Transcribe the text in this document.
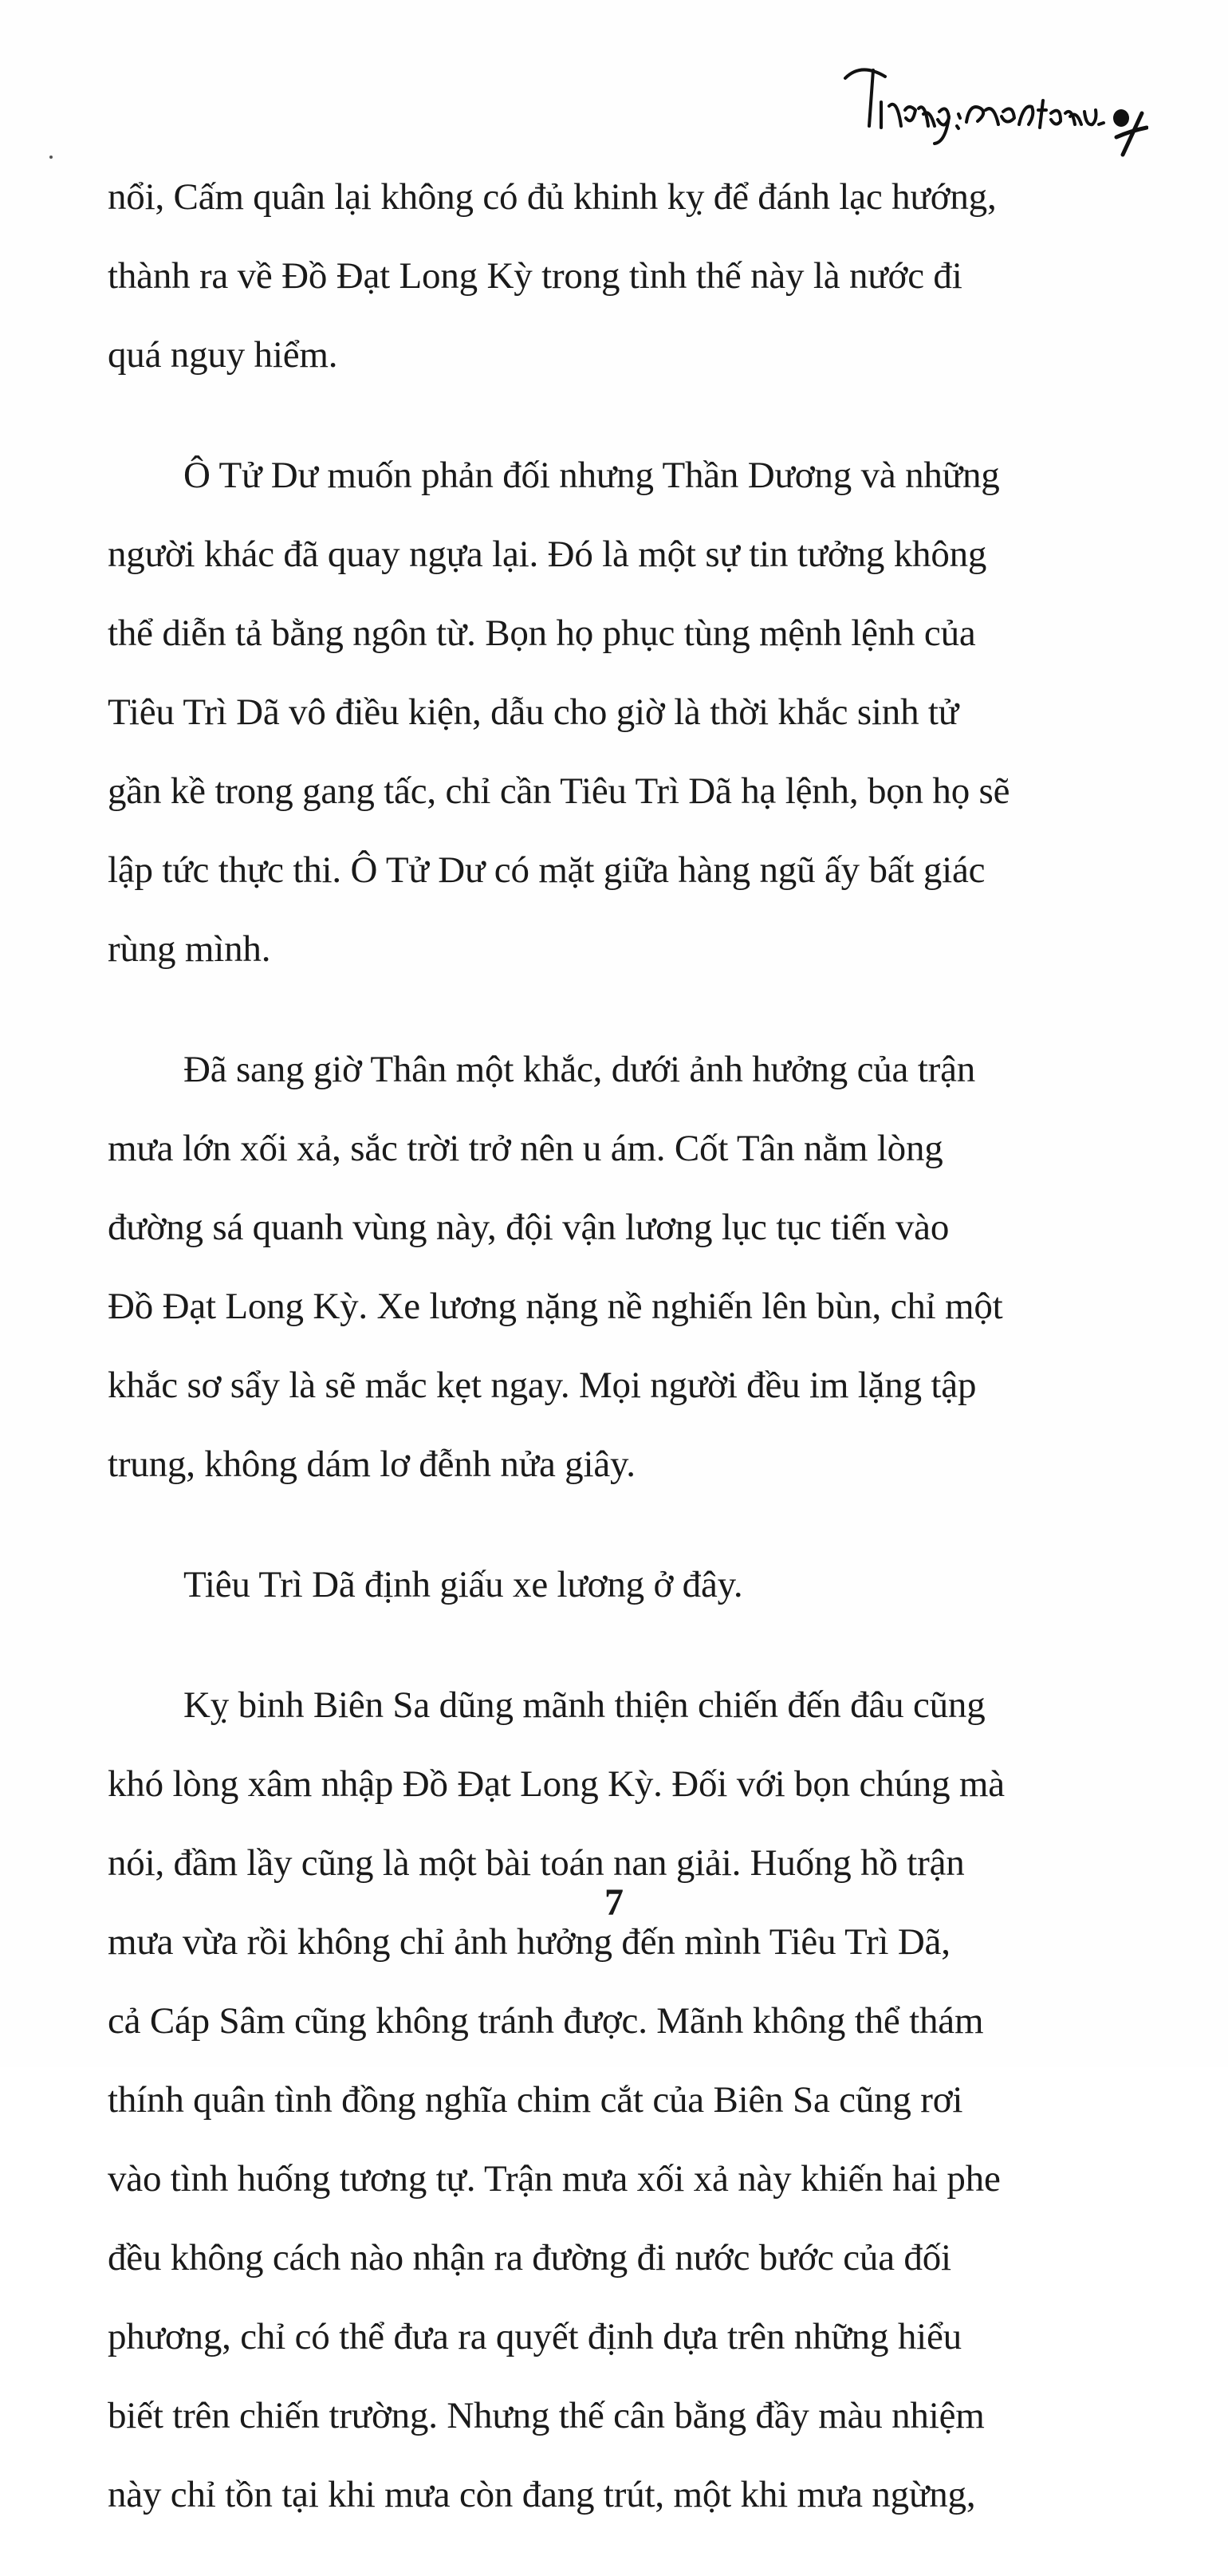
nổi, Cấm quân lại không có đủ khinh kỵ để đánh lạc hướng,
thành ra về Đồ Đạt Long Kỳ trong tình thế này là nước đi
quá nguy hiểm.

Ô Tử Dư muốn phản đối nhưng Thần Dương và những
người khác đã quay ngựa lại. Đó là một sự tin tưởng không
thể diễn tả bằng ngôn từ. Bọn họ phục tùng mệnh lệnh của
Tiêu Trì Dã vô điều kiện, dẫu cho giờ là thời khắc sinh tử
gần kề trong gang tấc, chỉ cần Tiêu Trì Dã hạ lệnh, bọn họ sẽ
lập tức thực thi. Ô Tử Dư có mặt giữa hàng ngũ ấy bất giác
rùng mình.

Đã sang giờ Thân một khắc, dưới ảnh hưởng của trận
mưa lớn xối xả, sắc trời trở nên u ám. Cốt Tân nằm lòng
đường sá quanh vùng này, đội vận lương lục tục tiến vào
Đồ Đạt Long Kỳ. Xe lương nặng nề nghiến lên bùn, chỉ một
khắc sơ sẩy là sẽ mắc kẹt ngay. Mọi người đều im lặng tập
trung, không dám lơ đễnh nửa giây.

Tiêu Trì Dã định giấu xe lương ở đây.

Kỵ binh Biên Sa dũng mãnh thiện chiến đến đâu cũng
khó lòng xâm nhập Đồ Đạt Long Kỳ. Đối với bọn chúng mà
nói, đầm lầy cũng là một bài toán nan giải. Huống hồ trận
mưa vừa rồi không chỉ ảnh hưởng đến mình Tiêu Trì Dã,
cả Cáp Sâm cũng không tránh được. Mãnh không thể thám
thính quân tình đồng nghĩa chim cắt của Biên Sa cũng rơi
vào tình huống tương tự. Trận mưa xối xả này khiến hai phe
đều không cách nào nhận ra đường đi nước bước của đối
phương, chỉ có thể đưa ra quyết định dựa trên những hiểu
biết trên chiến trường. Nhưng thế cân bằng đầy màu nhiệm
này chỉ tồn tại khi mưa còn đang trút, một khi mưa ngừng,

7
